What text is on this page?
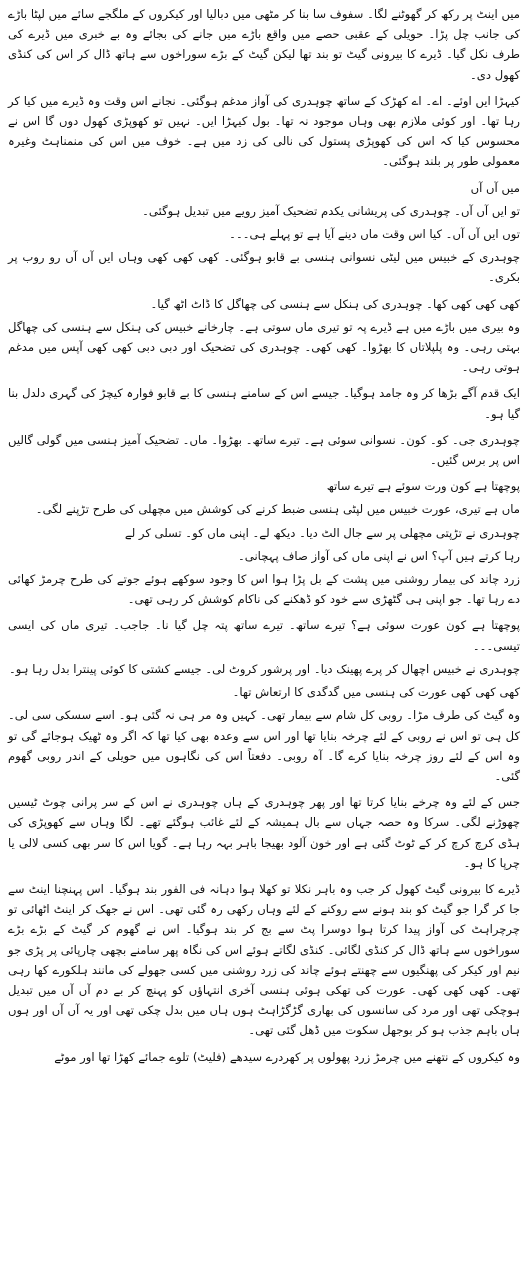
میں اینٹ پر رکھ کر گھوٹنے لگا۔ سفوف سا بنا کر مٹھی میں دبالیا اور کیکروں کے ملگجے سائے میں لپٹا باڑے کی جانب چل پڑا۔ حویلی کے عقبی حصے میں واقع باڑے میں جانے کی بجائے وہ بے خبری میں ڈیرے کی طرف نکل گیا۔ ڈیرے کا بیرونی گیٹ تو بند تھا لیکن گیٹ کے بڑے سوراخوں سے ہاتھ ڈال کر اس کی کنڈی کھول دی۔

کیہڑا ایں اوئے۔ اے۔ اے کھڑک کے ساتھ چوہدری کی آواز مدغم ہوگئی۔ نجانے اس وقت وہ ڈیرے میں کیا کر رہا تھا۔ اور کوئی ملازم بھی وہاں موجود نہ تھا۔ بول کیہڑا ایں۔ نہیں تو کھوپڑی کھول دوں گا اس نے محسوس کیا کہ اس کی کھوپڑی پستول کی نالی کی زد میں ہے۔ خوف میں اس کی منمناہٹ وغیرہ معمولی طور پر بلند ہوگئی۔

میں آں آں

تو ایں آں آں۔ چوہدری کی پریشانی یکدم تضحیک آمیز رویے میں تبدیل ہوگئی۔

توں ایں آں آں۔ کیا اس وقت ماں دینے آیا ہے تو پہلے ہی۔۔۔

چوہدری کے خبیس میں لیٹی نسوانی ہنسی بے قابو ہوگئی۔ کھی کھی کھی وہاں ایں آں آں رو روب پر بکری۔

کھی کھی کھی کھا۔ چوہدری کی ہنکل سے ہنسی کی چھاگل کا ڈاٹ اٹھ گیا۔

وہ بیری میں باڑے میں ہے ڈیرے پہ تو تیری ماں سوتی ہے۔ چارخانے خبیس کی ہنکل سے ہنسی کی چھاگل بہتی رہی۔ وہ پلپلاتاں کا بھڑوا۔ کھی کھی۔ چوہدری کی تضحیک اور دبی دبی کھی کھی آپس میں مدغم ہوتی رہی۔

ایک قدم آگے بڑھا کر وہ جامد ہوگیا۔ جیسے اس کے سامنے ہنسی کا بے قابو فوارہ کیچڑ کی گہری دلدل بنا گیا ہو۔

چوہدری جی۔ کو۔ کون۔ نسوانی سوئی ہے۔ تیرے ساتھ۔ بھڑوا۔ ماں۔ تضحیک آمیز ہنسی میں گولی گالیں اس پر برس گئیں۔

پوچھتا ہے کون ورت سوئے ہے تیرے ساتھ

ماں ہے تیری، عورت خبیس میں لپٹی ہنسی ضبط کرنے کی کوشش میں مچھلی کی طرح تڑپنے لگی۔

چوہدری نے تڑپتی مچھلی پر سے جال الٹ دیا۔ دیکھ لے۔ اپنی ماں کو۔ تسلی کر لے

رہا کرتے ہیں آپ؟ اس نے اپنی ماں کی آواز صاف پہچانی۔

زرد چاند کی بیمار روشنی میں پشت کے بل پڑا ہوا اس کا وجود سوکھے ہوئے جوتے کی طرح چرمڑ کھائی دے رہا تھا۔ جو اپنی ہی گٹھڑی سے خود کو ڈھکنے کی ناکام کوشش کر رہی تھی۔

پوچھتا ہے کون عورت سوئی ہے؟ تیرے ساتھ۔ تیرے ساتھ پتہ چل گیا نا۔ جاجب۔ تیری ماں کی ایسی تیسی۔۔۔

چوہدری نے خبیس اچھال کر پرے پھینک دیا۔ اور پرشور کروٹ لی۔ جیسے کشتی کا کوئی پینترا بدل رہا ہو۔

کھی کھی کھی عورت کی ہنسی میں گدگدی کا ارتعاش تھا۔

وہ گیٹ کی طرف مڑا۔ روبی کل شام سے بیمار تھی۔ کہیں وہ مر ہی نہ گئی ہو۔ اسے سسکی سی لی۔ کل ہی تو اس نے روبی کے لئے چرخہ بنایا تھا اور اس سے وعدہ بھی کیا تھا کہ اگر وہ ٹھیک ہوجائے گی تو وہ اس کے لئے روز چرخہ بنایا کرے گا۔ آہ روبی۔ دفعتاً اس کی نگاہوں میں حویلی کے اندر روبی گھوم گئی۔

جس کے لئے وہ چرخے بنایا کرتا تھا اور پھر چوہدری کے ہاں چوہدری نے اس کے سر پرانی چوٹ ٹیسیں چھوڑنے لگی۔ سرکا وہ حصہ جہاں سے بال ہمیشہ کے لئے غائب ہوگئے تھے۔ لگا وہاں سے کھوپڑی کی ہڈی کرچ کرچ کر کے ٹوٹ گئی ہے اور خون آلود بھیجا باہر بہہ رہا ہے۔ گویا اس کا سر بھی کسی لالی یا چرپا کا ہو۔

ڈیرے کا بیرونی گیٹ کھول کر جب وہ باہر نکلا تو کھلا ہوا دہانہ فی الفور بند ہوگیا۔ اس پہنچنا اینٹ سے جا کر گرا جو گیٹ کو بند ہونے سے روکنے کے لئے وہاں رکھی رہ گئی تھی۔ اس نے جھک کر اینٹ اٹھائی تو چرچراہٹ کی آواز پیدا کرتا ہوا دوسرا پٹ سے بج کر بند ہوگیا۔ اس نے گھوم کر گیٹ کے بڑے بڑے سوراخوں سے ہاتھ ڈال کر کنڈی لگائی۔ کنڈی لگاتے ہوئے اس کی نگاہ پھر سامنے بچھی چارپائی پر پڑی جو نیم اور کیکر کی پھنگیوں سے چھنتے ہوئے چاند کی زرد روشنی میں کسی جھولے کی مانند ہلکورے کھا رہی تھی۔ کھی کھی کھی۔ عورت کی تھکی ہوئی ہنسی آخری انتہاؤں کو پہنچ کر بے دم آں آں میں تبدیل ہوچکی تھی اور مرد کی سانسوں کی بھاری گڑگڑاہٹ ہوں ہاں میں بدل چکی تھی اور یہ آں آں اور ہوں ہاں باہم جذب ہو کر بوجھل سکوت میں ڈھل گئی تھی۔

وہ کیکروں کے نتھنے میں چرمڑ زرد پھولوں پر کھردرے سیدھے (فلیٹ) تلوے جمائے کھڑا تھا اور موٹے
